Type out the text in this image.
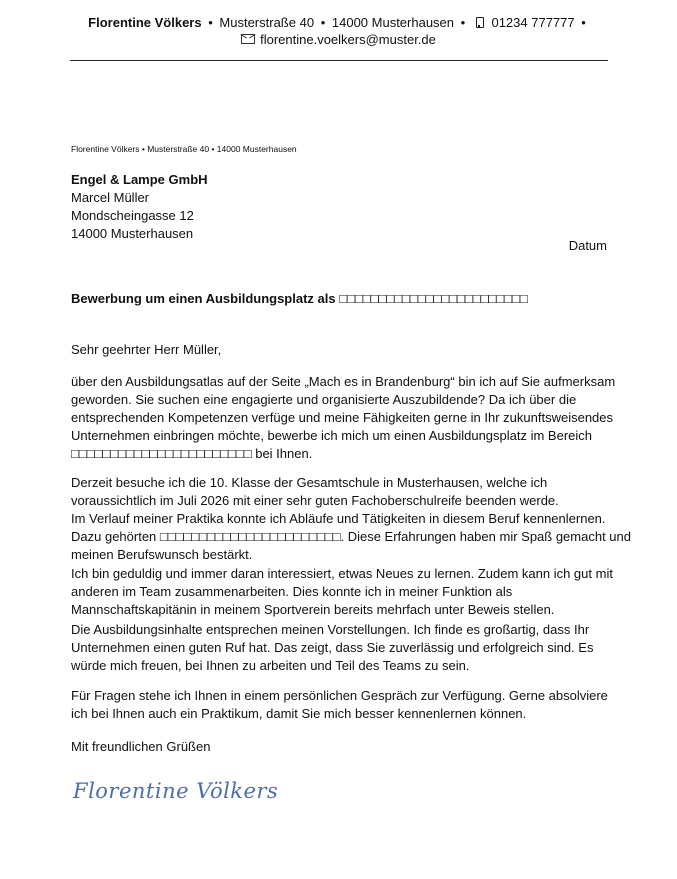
Florentine Völkers • Musterstraße 40 • 14000 Musterhausen • 01234 777777 •
florentine.voelkers@muster.de
Florentine Völkers • Musterstraße 40 • 14000 Musterhausen
Engel & Lampe GmbH
Marcel Müller
Mondscheingasse 12
14000 Musterhausen
Datum
Bewerbung um einen Ausbildungsplatz als □□□□□□□□□□□□□□□□□□□□□□□□
Sehr geehrter Herr Müller,
über den Ausbildungsatlas auf der Seite „Mach es in Brandenburg“ bin ich auf Sie aufmerksam
geworden. Sie suchen eine engagierte und organisierte Auszubildende? Da ich über die
entsprechenden Kompetenzen verfüge und meine Fähigkeiten gerne in Ihr zukunftsweisendes
Unternehmen einbringen möchte, bewerbe ich mich um einen Ausbildungsplatz im Bereich
□□□□□□□□□□□□□□□□□□□□□□□ bei Ihnen.
Derzeit besuche ich die 10. Klasse der Gesamtschule in Musterhausen, welche ich
voraussichtlich im Juli 2026 mit einer sehr guten Fachoberschulreife beenden werde.
Im Verlauf meiner Praktika konnte ich Abläufe und Tätigkeiten in diesem Beruf kennenlernen.
Dazu gehörten □□□□□□□□□□□□□□□□□□□□□□□. Diese Erfahrungen haben mir Spaß gemacht und
meinen Berufswunsch bestärkt.
Ich bin geduldig und immer daran interessiert, etwas Neues zu lernen. Zudem kann ich gut mit
anderen im Team zusammenarbeiten. Dies konnte ich in meiner Funktion als
Mannschaftskapitänin in meinem Sportverein bereits mehrfach unter Beweis stellen.
Die Ausbildungsinhalte entsprechen meinen Vorstellungen. Ich finde es großartig, dass Ihr
Unternehmen einen guten Ruf hat. Das zeigt, dass Sie zuverlässig und erfolgreich sind. Es
würde mich freuen, bei Ihnen zu arbeiten und Teil des Teams zu sein.
Für Fragen stehe ich Ihnen in einem persönlichen Gespräch zur Verfügung. Gerne absolviere
ich bei Ihnen auch ein Praktikum, damit Sie mich besser kennenlernen können.
Mit freundlichen Grüßen
Florentine Völkers
